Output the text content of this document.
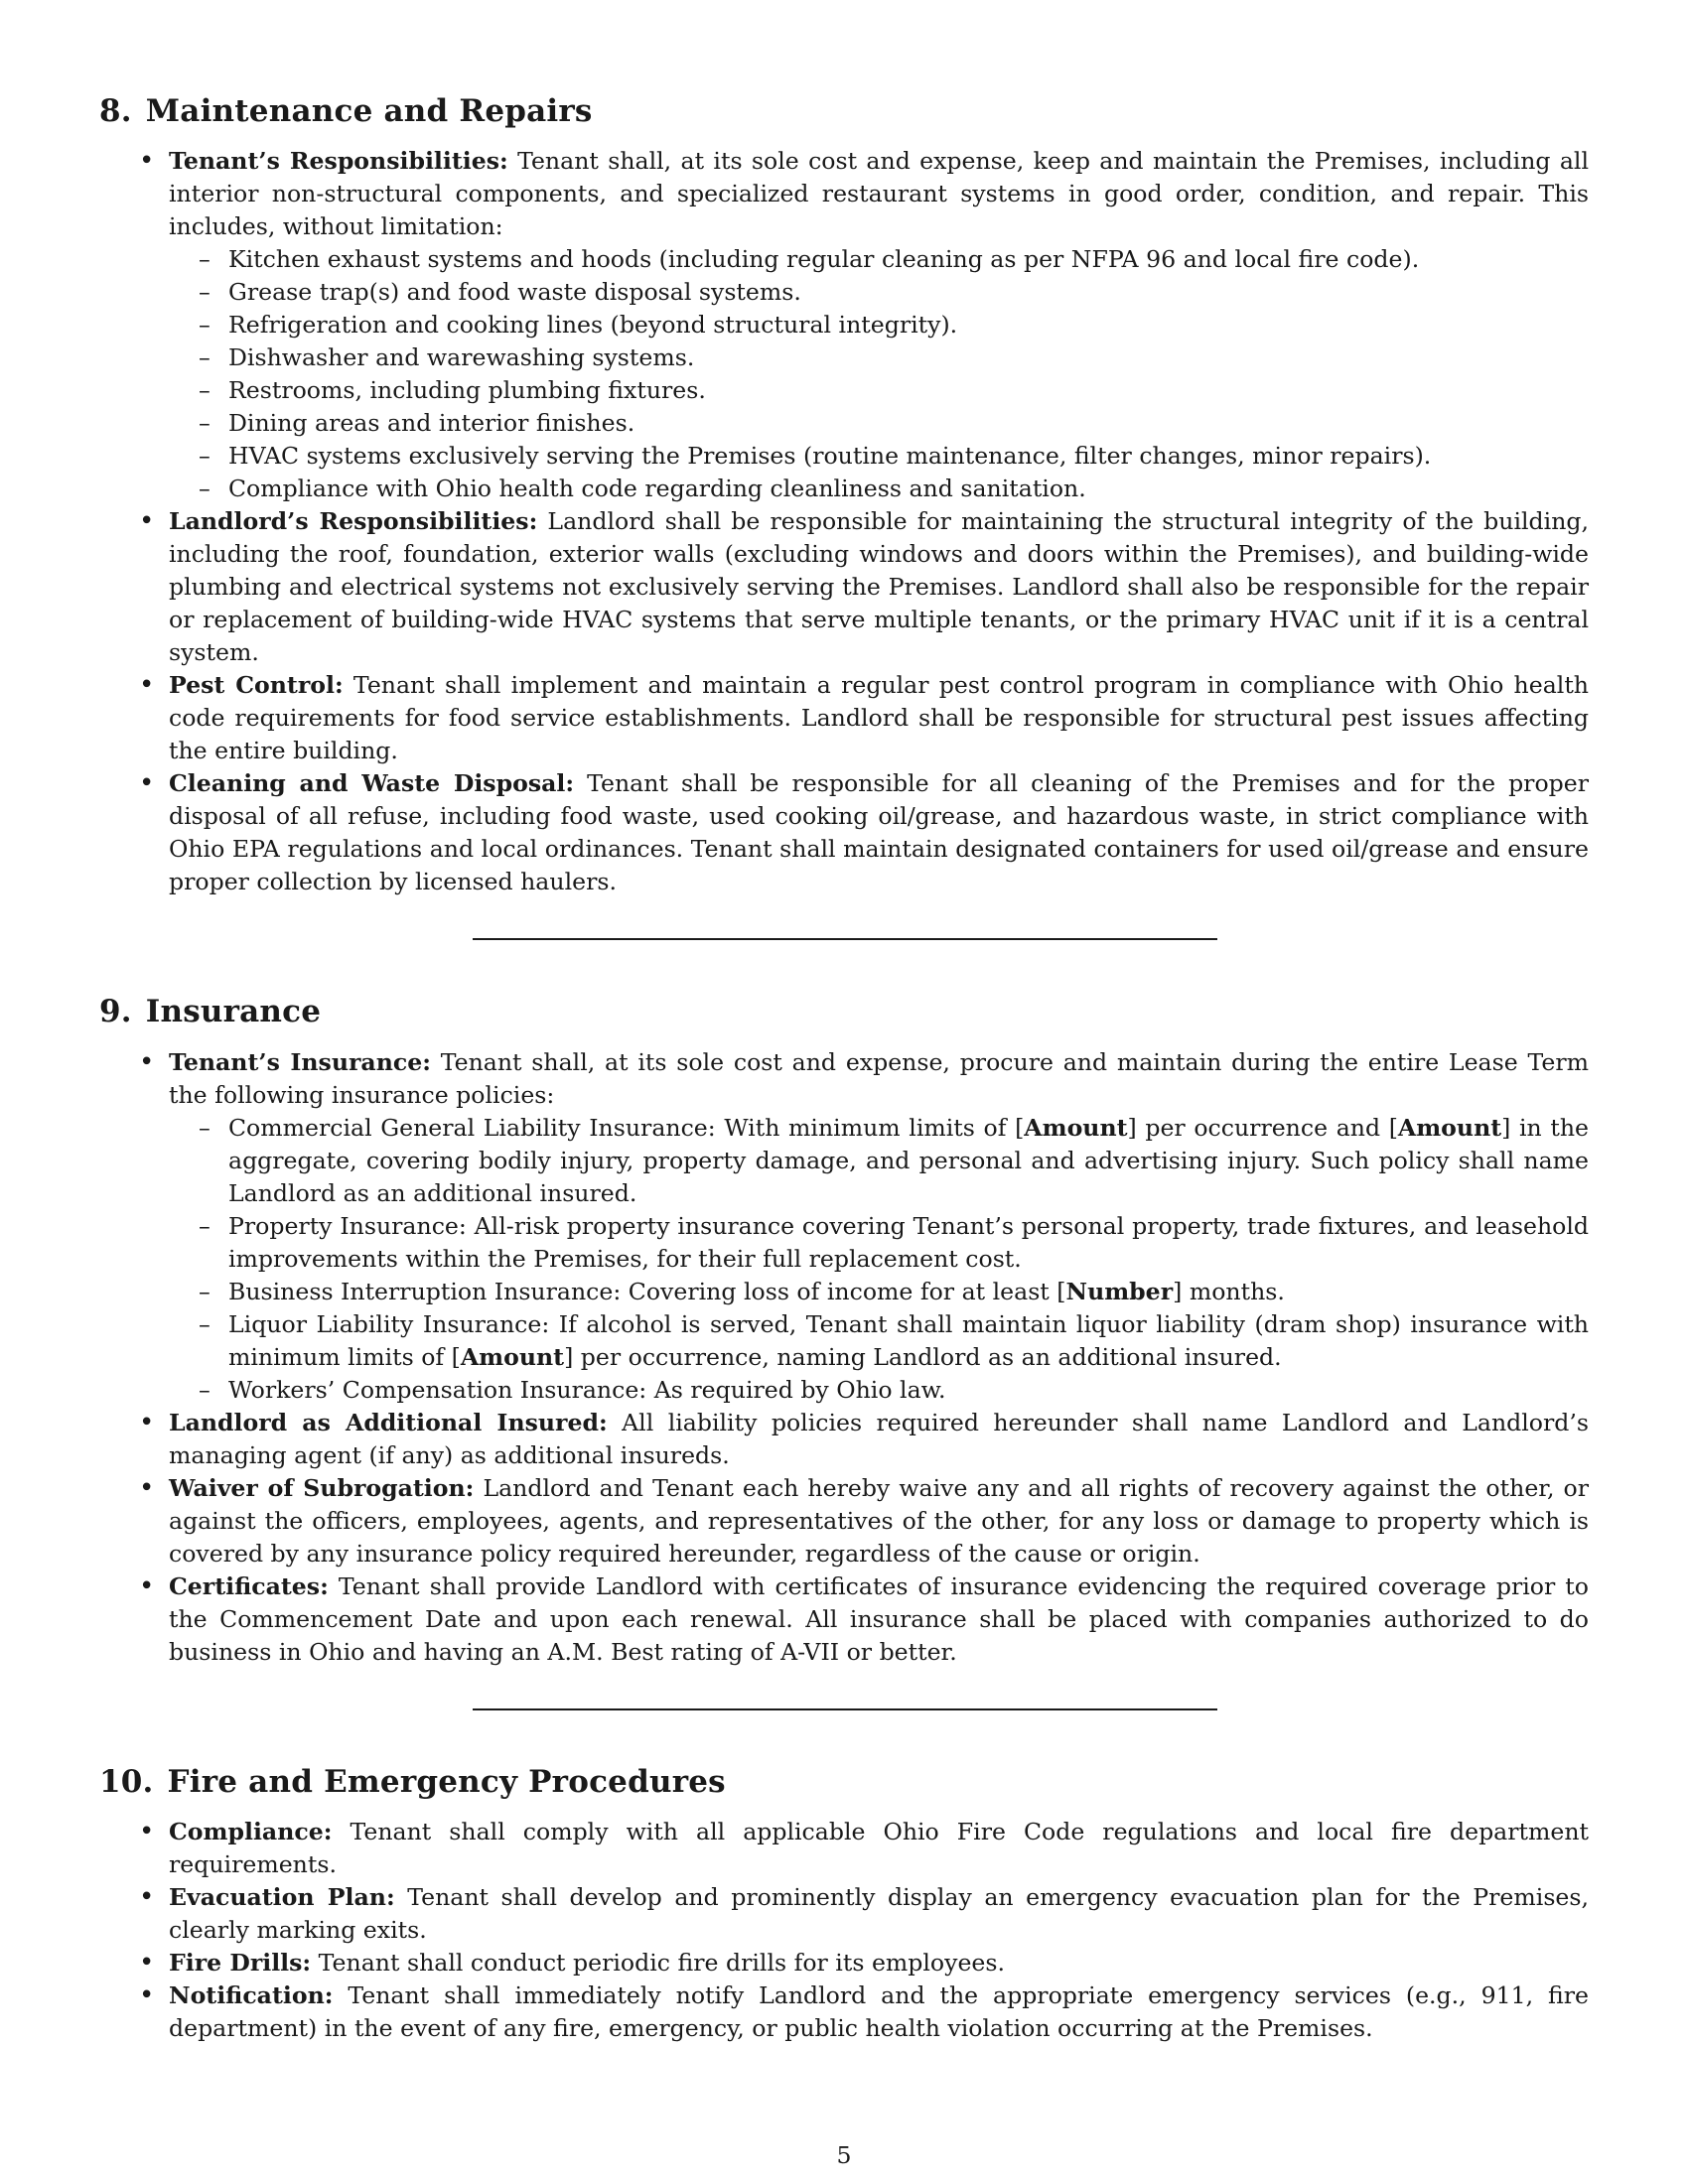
8. Maintenance and Repairs
• Tenant’s Responsibilities: Tenant shall, at its sole cost and expense, keep and maintain the Premises, including all interior non-structural components, and specialized restaurant systems in good order, condition, and repair. This includes, without limitation:
– Kitchen exhaust systems and hoods (including regular cleaning as per NFPA 96 and local fire code).
– Grease trap(s) and food waste disposal systems.
– Refrigeration and cooking lines (beyond structural integrity).
– Dishwasher and warewashing systems.
– Restrooms, including plumbing fixtures.
– Dining areas and interior finishes.
– HVAC systems exclusively serving the Premises (routine maintenance, filter changes, minor repairs).
– Compliance with Ohio health code regarding cleanliness and sanitation.
• Landlord’s Responsibilities: Landlord shall be responsible for maintaining the structural integrity of the building, including the roof, foundation, exterior walls (excluding windows and doors within the Premises), and building-wide plumbing and electrical systems not exclusively serving the Premises. Landlord shall also be responsible for the repair or replacement of building-wide HVAC systems that serve multiple tenants, or the primary HVAC unit if it is a central system.
• Pest Control: Tenant shall implement and maintain a regular pest control program in compliance with Ohio health code requirements for food service establishments. Landlord shall be responsible for structural pest issues affecting the entire building.
• Cleaning and Waste Disposal: Tenant shall be responsible for all cleaning of the Premises and for the proper disposal of all refuse, including food waste, used cooking oil/grease, and hazardous waste, in strict compliance with Ohio EPA regulations and local ordinances. Tenant shall maintain designated containers for used oil/grease and ensure proper collection by licensed haulers.
9. Insurance
• Tenant’s Insurance: Tenant shall, at its sole cost and expense, procure and maintain during the entire Lease Term the following insurance policies:
– Commercial General Liability Insurance: With minimum limits of [Amount] per occurrence and [Amount] in the aggregate, covering bodily injury, property damage, and personal and advertising injury. Such policy shall name Landlord as an additional insured.
– Property Insurance: All-risk property insurance covering Tenant’s personal property, trade fixtures, and leasehold improvements within the Premises, for their full replacement cost.
– Business Interruption Insurance: Covering loss of income for at least [Number] months.
– Liquor Liability Insurance: If alcohol is served, Tenant shall maintain liquor liability (dram shop) insurance with minimum limits of [Amount] per occurrence, naming Landlord as an additional insured.
– Workers’ Compensation Insurance: As required by Ohio law.
• Landlord as Additional Insured: All liability policies required hereunder shall name Landlord and Landlord’s managing agent (if any) as additional insureds.
• Waiver of Subrogation: Landlord and Tenant each hereby waive any and all rights of recovery against the other, or against the officers, employees, agents, and representatives of the other, for any loss or damage to property which is covered by any insurance policy required hereunder, regardless of the cause or origin.
• Certificates: Tenant shall provide Landlord with certificates of insurance evidencing the required coverage prior to the Commencement Date and upon each renewal. All insurance shall be placed with companies authorized to do business in Ohio and having an A.M. Best rating of A-VII or better.
10. Fire and Emergency Procedures
• Compliance: Tenant shall comply with all applicable Ohio Fire Code regulations and local fire department requirements.
• Evacuation Plan: Tenant shall develop and prominently display an emergency evacuation plan for the Premises, clearly marking exits.
• Fire Drills: Tenant shall conduct periodic fire drills for its employees.
• Notification: Tenant shall immediately notify Landlord and the appropriate emergency services (e.g., 911, fire department) in the event of any fire, emergency, or public health violation occurring at the Premises.
5
